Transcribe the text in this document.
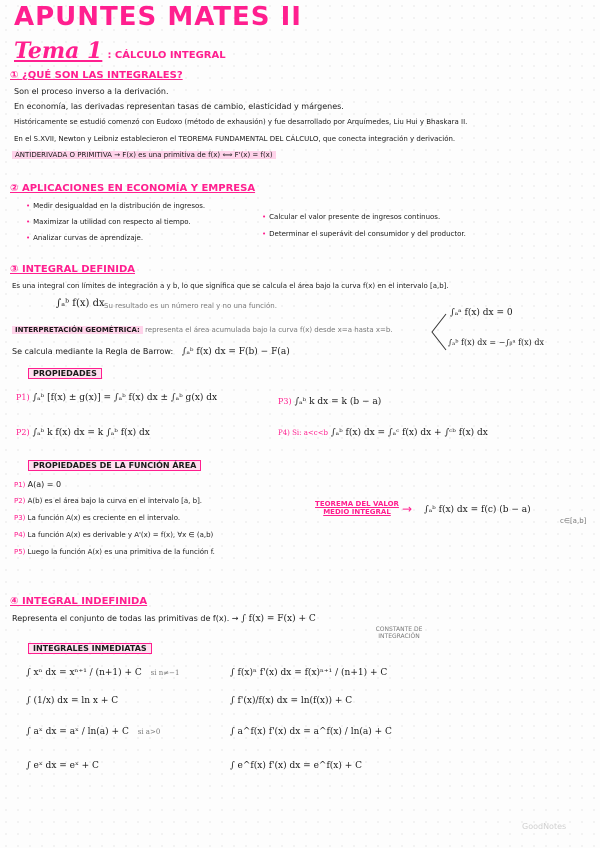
APUNTES MATES II
Tema 1 : CÁLCULO INTEGRAL
① ¿QUÉ SON LAS INTEGRALES?
Son el proceso inverso a la derivación.
En economía, las derivadas representan tasas de cambio, elasticidad y márgenes.
Históricamente se estudió comenzó con Eudoxo (método de exhausión) y fue desarrollado por Arquímedes, Liu Hui y Bhaskara II.
En el S.XVII, Newton y Leibniz establecieron el TEOREMA FUNDAMENTAL DEL CÁLCULO, que conecta integración y derivación.
ANTIDERIVADA O PRIMITIVA → F(x) es una primitiva de f(x) ⟺ F'(x) = f(x)
② APLICACIONES EN ECONOMÍA Y EMPRESA
• Medir desigualdad en la distribución de ingresos.
• Maximizar la utilidad con respecto al tiempo.
• Analizar curvas de aprendizaje.
• Calcular el valor presente de ingresos continuos.
• Determinar el superávit del consumidor y del productor.
③ INTEGRAL DEFINIDA
Es una integral con límites de integración a y b, lo que significa que se calcula el área bajo la curva f(x) en el intervalo [a,b].
∫ₐᵇ f(x) dx Su resultado es un número real y no una función.
INTERPRETACIÓN GEOMÉTRICA: representa el área acumulada bajo la curva f(x) desde x=a hasta x=b.
∫ₐᵃ f(x) dx = 0
∫ₐᵇ f(x) dx = −∫ᵦᵃ f(x) dx
Se calcula mediante la Regla de Barrow: ∫ₐᵇ f(x) dx = F(b) − F(a)
PROPIEDADES
P1) ∫ₐᵇ [f(x) ± g(x)] = ∫ₐᵇ f(x) dx ± ∫ₐᵇ g(x) dx	P3) ∫ₐᵇ k dx = k (b − a)
P2) ∫ₐᵇ k f(x) dx = k ∫ₐᵇ f(x) dx	P4) Si: a<c<b ∫ₐᵇ f(x) dx = ∫ₐᶜ f(x) dx + ∫ᶜᵇ f(x) dx
PROPIEDADES DE LA FUNCIÓN ÁREA
P1) A(a) = 0
P2) A(b) es el área bajo la curva en el intervalo [a, b].
P3) La función A(x) es creciente en el intervalo.
P4) La función A(x) es derivable y A'(x) = f(x), ∀x ∈ (a,b)
P5) Luego la función A(x) es una primitiva de la función f.
TEOREMA DEL VALOR MEDIO INTEGRAL → ∫ₐᵇ f(x) dx = f(c) (b − a)
c∈[a,b]
④ INTEGRAL INDEFINIDA
Representa el conjunto de todas las primitivas de f(x). → ∫ f(x) = F(x) + C
CONSTANTE DE INTEGRACIÓN
INTEGRALES INMEDIATAS
∫ xⁿ dx = xⁿ⁺¹ / (n+1) + C si n≠−1
∫ (1/x) dx = ln x + C
∫ aˣ dx = aˣ / ln(a) + C si a>0
∫ eˣ dx = eˣ + C
∫ f(x)ⁿ f'(x) dx = f(x)ⁿ⁺¹ / (n+1) + C
∫ f'(x)/f(x) dx = ln(f(x)) + C
∫ a^f(x) f'(x) dx = a^f(x) / ln(a) + C
∫ e^f(x) f'(x) dx = e^f(x) + C
GoodNotes
